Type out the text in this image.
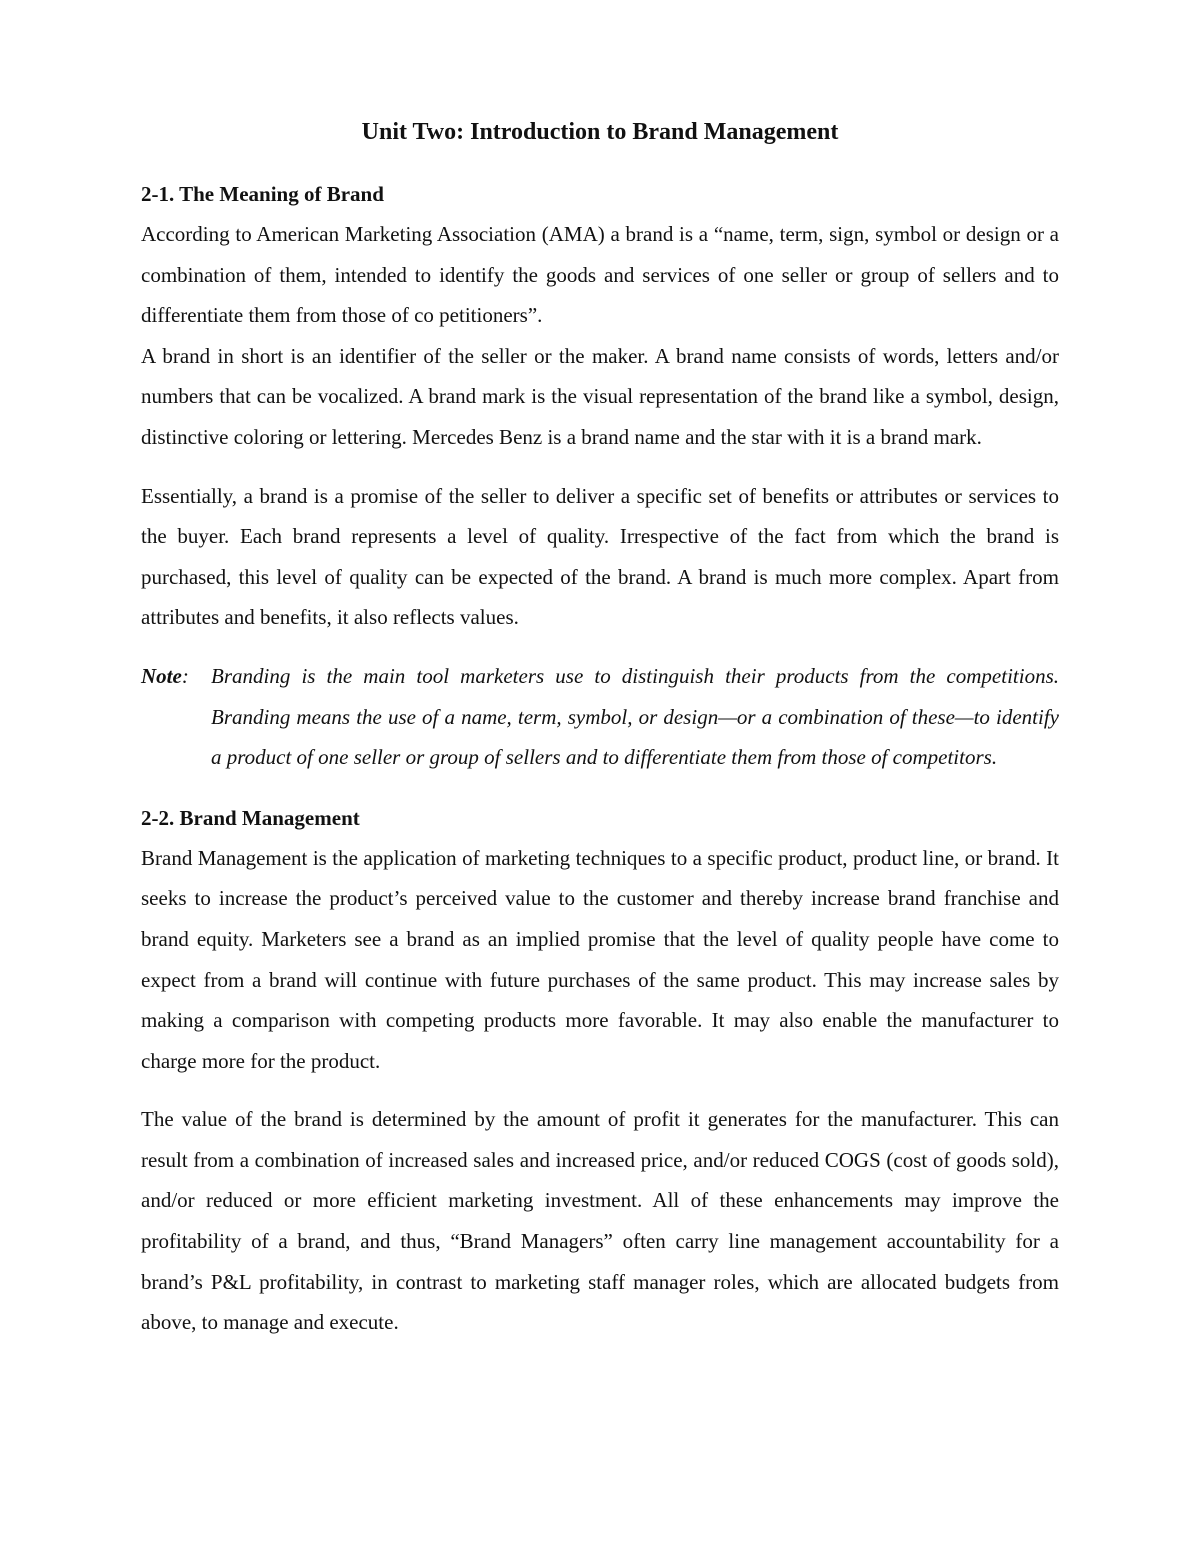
Unit Two: Introduction to Brand Management
2-1. The Meaning of Brand

According to American Marketing Association (AMA) a brand is a “name, term, sign, symbol or design or a combination of them, intended to identify the goods and services of one seller or group of sellers and to differentiate them from those of co petitioners”.

A brand in short is an identifier of the seller or the maker. A brand name consists of words, letters and/or numbers that can be vocalized. A brand mark is the visual representation of the brand like a symbol, design, distinctive coloring or lettering. Mercedes Benz is a brand name and the star with it is a brand mark.

Essentially, a brand is a promise of the seller to deliver a specific set of benefits or attributes or services to the buyer. Each brand represents a level of quality. Irrespective of the fact from which the brand is purchased, this level of quality can be expected of the brand. A brand is much more complex. Apart from attributes and benefits, it also reflects values.

Note:	Branding is the main tool marketers use to distinguish their products from the competitions. Branding means the use of a name, term, symbol, or design—or a combination of these—to identify a product of one seller or group of sellers and to differentiate them from those of competitors.
2-2. Brand Management

Brand Management is the application of marketing techniques to a specific product, product line, or brand. It seeks to increase the product’s perceived value to the customer and thereby increase brand franchise and brand equity. Marketers see a brand as an implied promise that the level of quality people have come to expect from a brand will continue with future purchases of the same product. This may increase sales by making a comparison with competing products more favorable. It may also enable the manufacturer to charge more for the product.

The value of the brand is determined by the amount of profit it generates for the manufacturer. This can result from a combination of increased sales and increased price, and/or reduced COGS (cost of goods sold), and/or reduced or more efficient marketing investment. All of these enhancements may improve the profitability of a brand, and thus, “Brand Managers” often carry line management accountability for a brand’s P&L profitability, in contrast to marketing staff manager roles, which are allocated budgets from above, to manage and execute.
